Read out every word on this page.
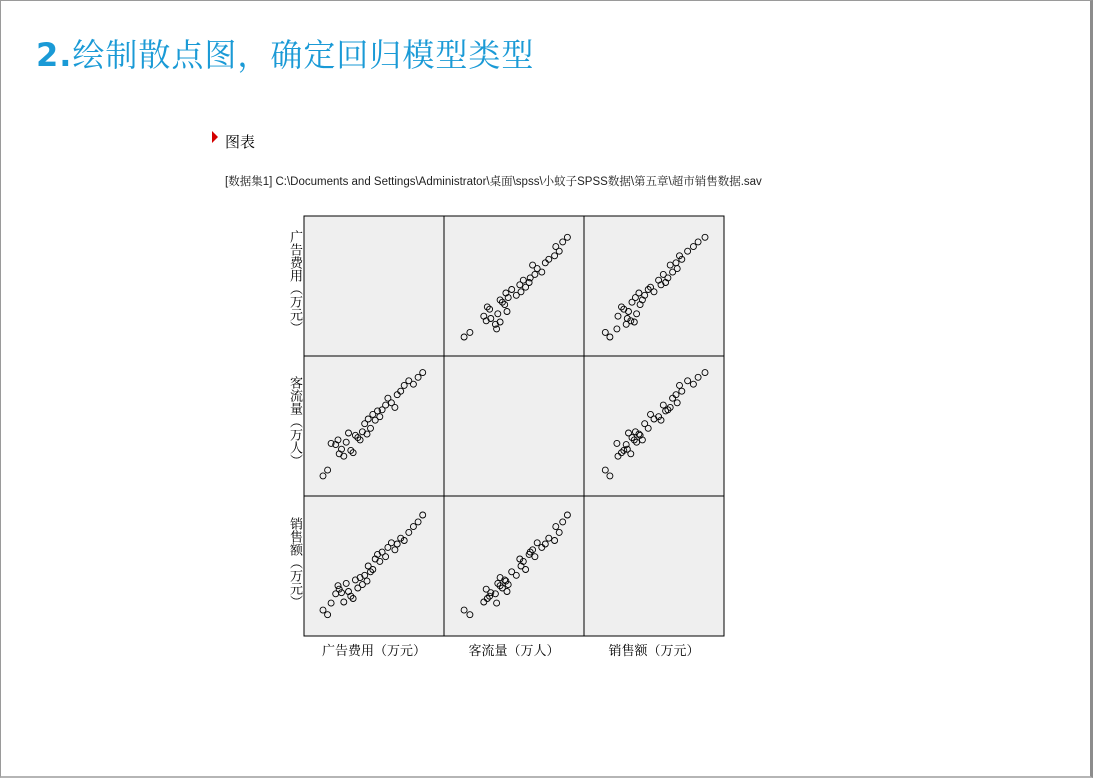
2.绘制散点图，确定回归模型类型
图表
[数据集1] C:\Documents and Settings\Administrator\桌面\spss\小蚊子SPSS数据\第五章\超市销售数据.sav
广告费用（万元）
客流量（万人）
销售额（万元）
广告费用（万元）	客流量（万人）	销售额（万元）
